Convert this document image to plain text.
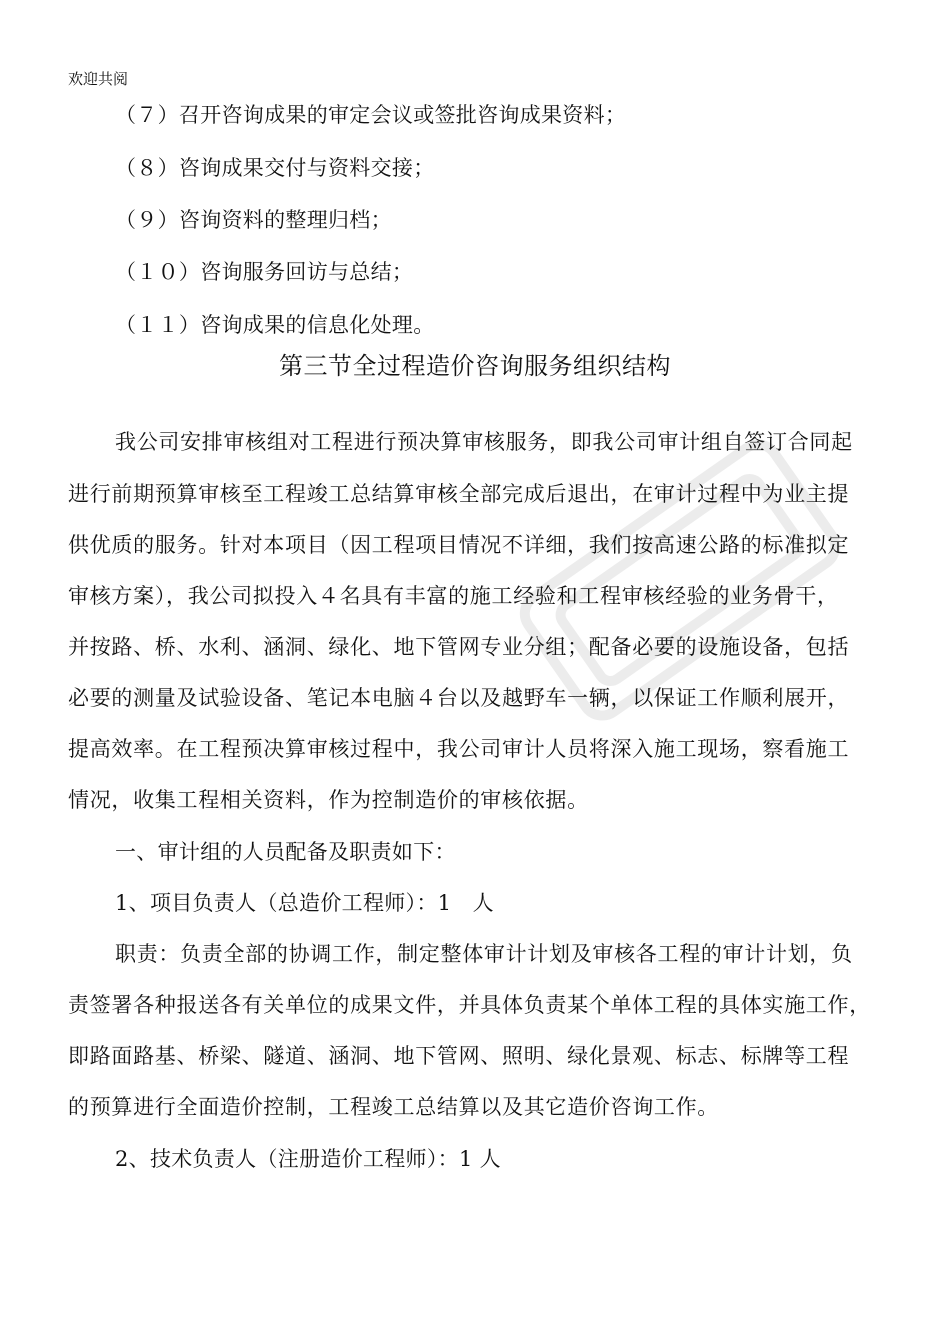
欢迎共阅
（７）召开咨询成果的审定会议或签批咨询成果资料；
（８）咨询成果交付与资料交接；
（９）咨询资料的整理归档；
（１０）咨询服务回访与总结；
（１１）咨询成果的信息化处理。
第三节全过程造价咨询服务组织结构
我公司安排审核组对工程进行预决算审核服务，即我公司审计组自签订合同起
进行前期预算审核至工程竣工总结算审核全部完成后退出，在审计过程中为业主提
供优质的服务。针对本项目（因工程项目情况不详细，我们按高速公路的标准拟定
审核方案），我公司拟投入４名具有丰富的施工经验和工程审核经验的业务骨干，
并按路、桥、水利、涵洞、绿化、地下管网专业分组；配备必要的设施设备，包括
必要的测量及试验设备、笔记本电脑４台以及越野车一辆，以保证工作顺利展开，
提高效率。在工程预决算审核过程中，我公司审计人员将深入施工现场，察看施工
情况，收集工程相关资料，作为控制造价的审核依据。
一、审计组的人员配备及职责如下：
1、项目负责人（总造价工程师）：1　人
职责：负责全部的协调工作，制定整体审计计划及审核各工程的审计计划，负
责签署各种报送各有关单位的成果文件，并具体负责某个单体工程的具体实施工作，
即路面路基、桥梁、隧道、涵洞、地下管网、照明、绿化景观、标志、标牌等工程
的预算进行全面造价控制，工程竣工总结算以及其它造价咨询工作。
2、技术负责人（注册造价工程师）：1 人
